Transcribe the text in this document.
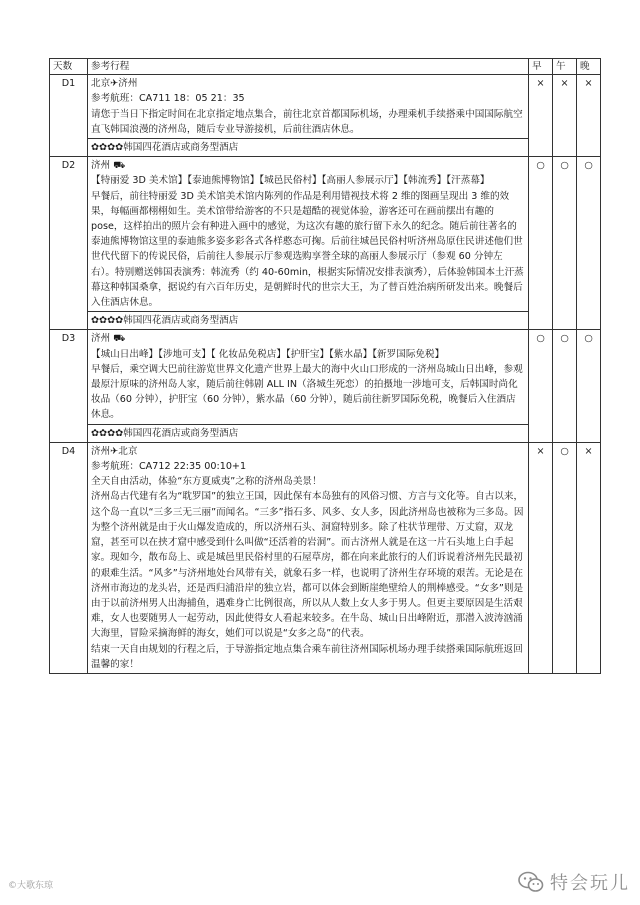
天数	参考行程	早	午	晚
D1	北京✈济州

参考航班：CA711 18：05 21：35

请您于当日下指定时间在北京指定地点集合，前往北京首都国际机场，办理乘机手续搭乘中国国际航空直飞韩国浪漫的济州岛，随后专业导游接机，后前往酒店休息。	×	×	×
	✿✿✿✿韩国四花酒店或商务型酒店			
D2	济州 ⛟

【特丽爱 3D 美术馆】【泰迪熊博物馆】【城邑民俗村】【高丽人参展示厅】【韩流秀】【汗蒸幕】

早餐后，前往特丽爱 3D 美术馆美术馆内陈列的作品是利用错视技术将 2 维的图画呈现出 3 维的效果，每幅画都栩栩如生。美术馆带给游客的不只是超酷的视觉体验，游客还可在画前摆出有趣的 pose，这样拍出的照片会有种进入画中的感觉，为这次有趣的旅行留下永久的纪念。随后前往著名的泰迪熊博物馆这里的泰迪熊多姿多彩各式各样憨态可掬。后前往城邑民俗村听济州岛原住民讲述他们世世代代留下的传说民俗，后前往人参展示厅参观选购享誉全球的高丽人参展示厅（参观 60 分钟左右）。特别赠送韩国表演秀：韩流秀（约 40-60min，根据实际情况安排表演秀），后体验韩国本土汗蒸幕这种韩国桑拿，据说约有六百年历史，是朝鲜时代的世宗大王，为了替百姓治病所研发出来。晚餐后入住酒店休息。	○	○	○
	✿✿✿✿韩国四花酒店或商务型酒店			
D3	济州 ⛟

【城山日出峰】【涉地可支】【 化妆品免税店】【护肝宝】【紫水晶】【新罗国际免税】

早餐后，乘空调大巴前往游览世界文化遗产世界上最大的海中火山口形成的一济州岛城山日出峰，参观最原汁原味的济州岛人家，随后前往韩剧 ALL IN（洛城生死恋）的拍摄地一涉地可支，后韩国时尚化妆品（60 分钟），护肝宝（60 分钟），紫水晶（60 分钟），随后前往新罗国际免税，晚餐后入住酒店休息。	○	○	○
	✿✿✿✿韩国四花酒店或商务型酒店			
D4	济州✈北京

参考航班：CA712 22:35 00:10+1

全天自由活动，体验“东方夏威夷”之称的济州岛美景！

济州岛古代建有名为“耽罗国”的独立王国，因此保有本岛独有的风俗习惯、方言与文化等。自古以来，这个岛一直以“三多三无三丽”而闻名。“三多”指石多、风多、女人多，因此济州岛也被称为三多岛。因为整个济州就是由于火山爆发造成的，所以济州石头、洞窟特别多。除了柱状节理带、万丈窟，双龙窟，甚至可以在挟才窟中感受到什么叫做“还活着的岩洞”。而古济州人就是在这一片石头地上白手起家。现如今，散布岛上、或是城邑里民俗村里的石屋草房，都在向来此旅行的人们诉说着济州先民最初的艰难生活。“风多”与济州地处台风带有关，就象石多一样，也说明了济州生存环境的艰苦。无论是在济州市海边的龙头岩，还是西归浦沿岸的独立岩，都可以体会到断崖绝壁给人的荆棒感受。“女多”则是由于以前济州男人出海捕鱼，遇难身亡比例很高，所以从人数上女人多于男人。但更主要原因是生活艰难，女人也要随男人一起劳动，因此使得女人看起来较多。在牛岛、城山日出峰附近，那潜入波涛汹涌大海里，冒险采摘海鲜的海女，她们可以说是“女多之岛”的代表。

结束一天自由规划的行程之后，于导游指定地点集合乘车前往济州国际机场办理手续搭乘国际航班返回温馨的家！	×	○	×
©大歌东琼	特会玩儿
